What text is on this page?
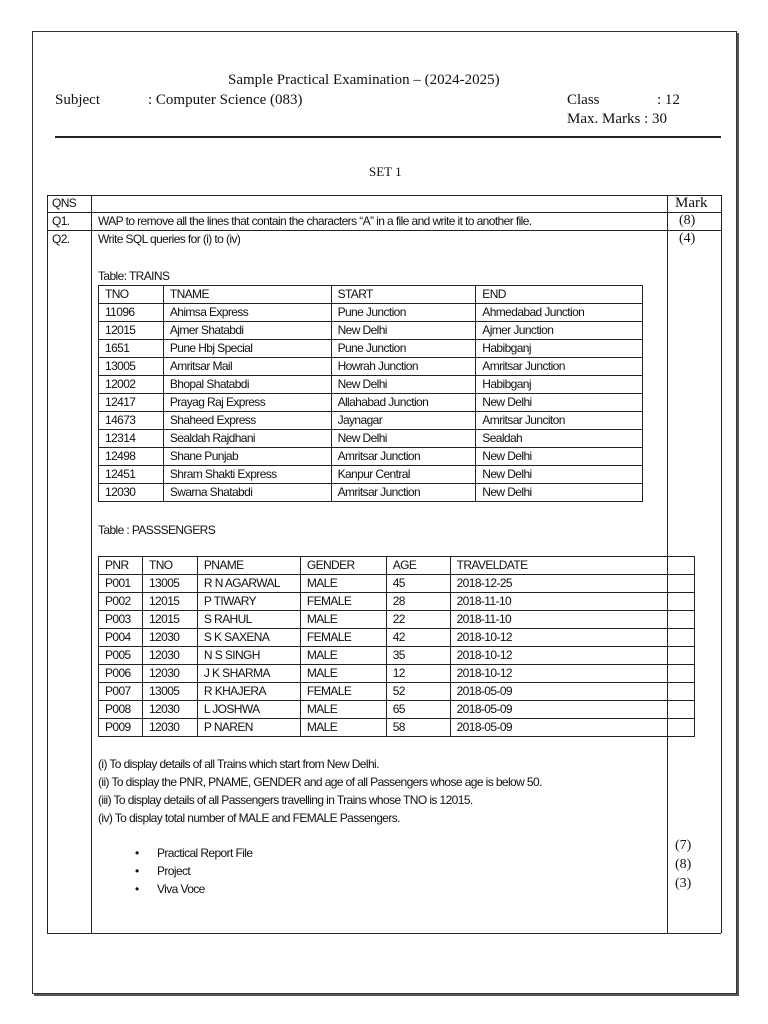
Sample Practical Examination – (2024-2025)
Subject	: Computer Science (083)	Class	: 12
Max. Marks : 30
SET 1
QNS	Mark
Q1. WAP to remove all the lines that contain the characters “A” in a file and write it to another file.	(8)
Q2. Write SQL queries for (i) to (iv)	(4)
Table: TRAINS
TNO	TNAME	START	END
11096	Ahimsa Express	Pune Junction	Ahmedabad Junction
12015	Ajmer Shatabdi	New Delhi	Ajmer Junction
1651	Pune Hbj Special	Pune Junction	Habibganj
13005	Amritsar Mail	Howrah Junction	Amritsar Junction
12002	Bhopal Shatabdi	New Delhi	Habibganj
12417	Prayag Raj Express	Allahabad Junction	New Delhi
14673	Shaheed Express	Jaynagar	Amritsar Junciton
12314	Sealdah Rajdhani	New Delhi	Sealdah
12498	Shane Punjab	Amritsar Junction	New Delhi
12451	Shram Shakti Express	Kanpur Central	New Delhi
12030	Swarna Shatabdi	Amritsar Junction	New Delhi
Table : PASSSENGERS
PNR	TNO	PNAME	GENDER	AGE	TRAVELDATE
P001	13005	R N AGARWAL	MALE	45	2018-12-25
P002	12015	P TIWARY	FEMALE	28	2018-11-10
P003	12015	S RAHUL	MALE	22	2018-11-10
P004	12030	S K SAXENA	FEMALE	42	2018-10-12
P005	12030	N S SINGH	MALE	35	2018-10-12
P006	12030	J K SHARMA	MALE	12	2018-10-12
P007	13005	R KHAJERA	FEMALE	52	2018-05-09
P008	12030	L JOSHWA	MALE	65	2018-05-09
P009	12030	P NAREN	MALE	58	2018-05-09
(i) To display details of all Trains which start from New Delhi.
(ii) To display the PNR, PNAME, GENDER and age of all Passengers whose age is below 50.
(iii) To display details of all Passengers travelling in Trains whose TNO is 12015.
(iv) To display total number of MALE and FEMALE Passengers.
• Practical Report File
• Project
• Viva Voce
(7)
(8)
(3)
